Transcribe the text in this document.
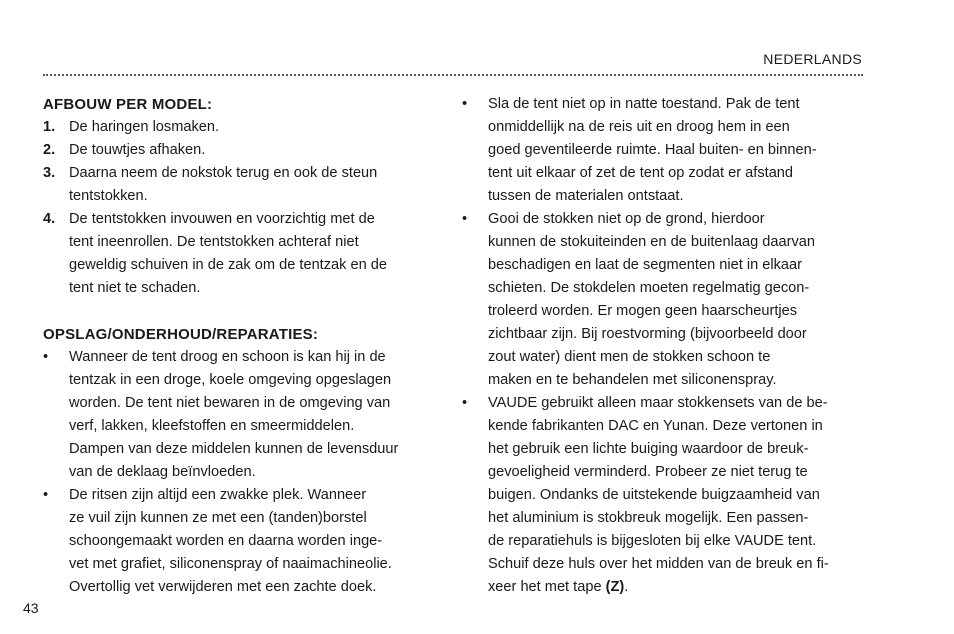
NEDERLANDS
AFBOUW PER MODEL:
1. De haringen losmaken.
2. De touwtjes afhaken.
3. Daarna neem de nokstok terug en ook de steun
tentstokken.
4. De tentstokken invouwen en voorzichtig met de
tent ineenrollen. De tentstokken achteraf niet
geweldig schuiven in de zak om de tentzak en de
tent niet te schaden.
OPSLAG/ONDERHOUD/REPARATIES:
• Wanneer de tent droog en schoon is kan hij in de
tentzak in een droge, koele omgeving opgeslagen
worden. De tent niet bewaren in de omgeving van
verf, lakken, kleefstoffen en smeermiddelen.
Dampen van deze middelen kunnen de levensduur
van de deklaag beïnvloeden.
• De ritsen zijn altijd een zwakke plek. Wanneer
ze vuil zijn kunnen ze met een (tanden)borstel
schoongemaakt worden en daarna worden inge-
vet met grafiet, siliconenspray of naaimachineolie.
Overtollig vet verwijderen met een zachte doek.
• Sla de tent niet op in natte toestand. Pak de tent
onmiddellijk na de reis uit en droog hem in een
goed geventileerde ruimte. Haal buiten- en binnen-
tent uit elkaar of zet de tent op zodat er afstand
tussen de materialen ontstaat.
• Gooi de stokken niet op de grond, hierdoor
kunnen de stokuiteinden en de buitenlaag daarvan
beschadigen en laat de segmenten niet in elkaar
schieten. De stokdelen moeten regelmatig gecon-
troleerd worden. Er mogen geen haarscheurtjes
zichtbaar zijn. Bij roestvorming (bijvoorbeeld door
zout water) dient men de stokken schoon te
maken en te behandelen met siliconenspray.
• VAUDE gebruikt alleen maar stokkensets van de be-
kende fabrikanten DAC en Yunan. Deze vertonen in
het gebruik een lichte buiging waardoor de breuk-
gevoeligheid verminderd. Probeer ze niet terug te
buigen. Ondanks de uitstekende buigzaamheid van
het aluminium is stokbreuk mogelijk. Een passen-
de reparatiehuls is bijgesloten bij elke VAUDE tent.
Schuif deze huls over het midden van de breuk en fi-
xeer het met tape (Z).
43
